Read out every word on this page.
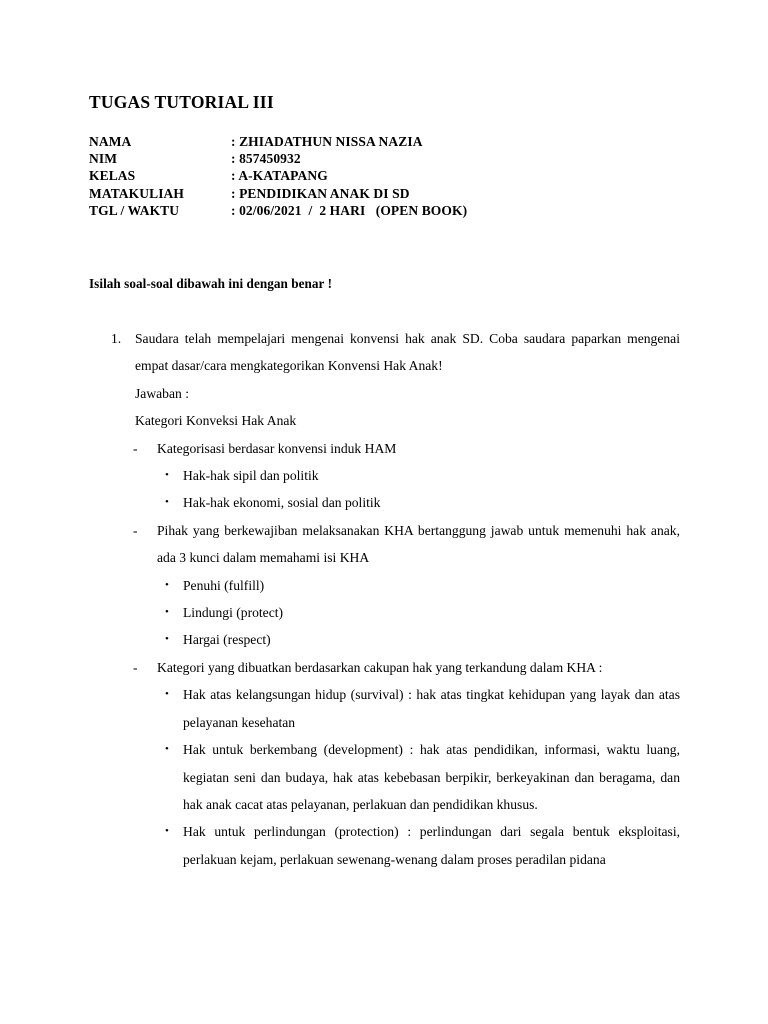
TUGAS TUTORIAL III
NAMA	: ZHIADATHUN NISSA NAZIA
NIM	: 857450932
KELAS	: A-KATAPANG
MATAKULIAH	: PENDIDIKAN ANAK DI SD
TGL / WAKTU	: 02/06/2021  /  2 HARI   (OPEN BOOK)
Isilah soal-soal dibawah ini dengan benar !
1.	Saudara telah mempelajari mengenai konvensi hak anak SD. Coba saudara paparkan mengenai empat dasar/cara mengkategorikan Konvensi Hak Anak!
Jawaban :
Kategori Konveksi Hak Anak
-	Kategorisasi berdasar konvensi induk HAM
•	Hak-hak sipil dan politik
•	Hak-hak ekonomi, sosial dan politik
-	Pihak yang berkewajiban melaksanakan KHA bertanggung jawab untuk memenuhi hak anak, ada 3 kunci dalam memahami isi KHA
•	Penuhi (fulfill)
•	Lindungi (protect)
•	Hargai (respect)
-	Kategori yang dibuatkan berdasarkan cakupan hak yang terkandung dalam KHA :
•	Hak atas kelangsungan hidup (survival) : hak atas tingkat kehidupan yang layak dan atas pelayanan kesehatan
•	Hak untuk berkembang (development) : hak atas pendidikan, informasi, waktu luang, kegiatan seni dan budaya, hak atas kebebasan berpikir, berkeyakinan dan beragama, dan hak anak cacat atas pelayanan, perlakuan dan pendidikan khusus.
•	Hak untuk perlindungan (protection) : perlindungan dari segala bentuk eksploitasi, perlakuan kejam, perlakuan sewenang-wenang dalam proses peradilan pidana
